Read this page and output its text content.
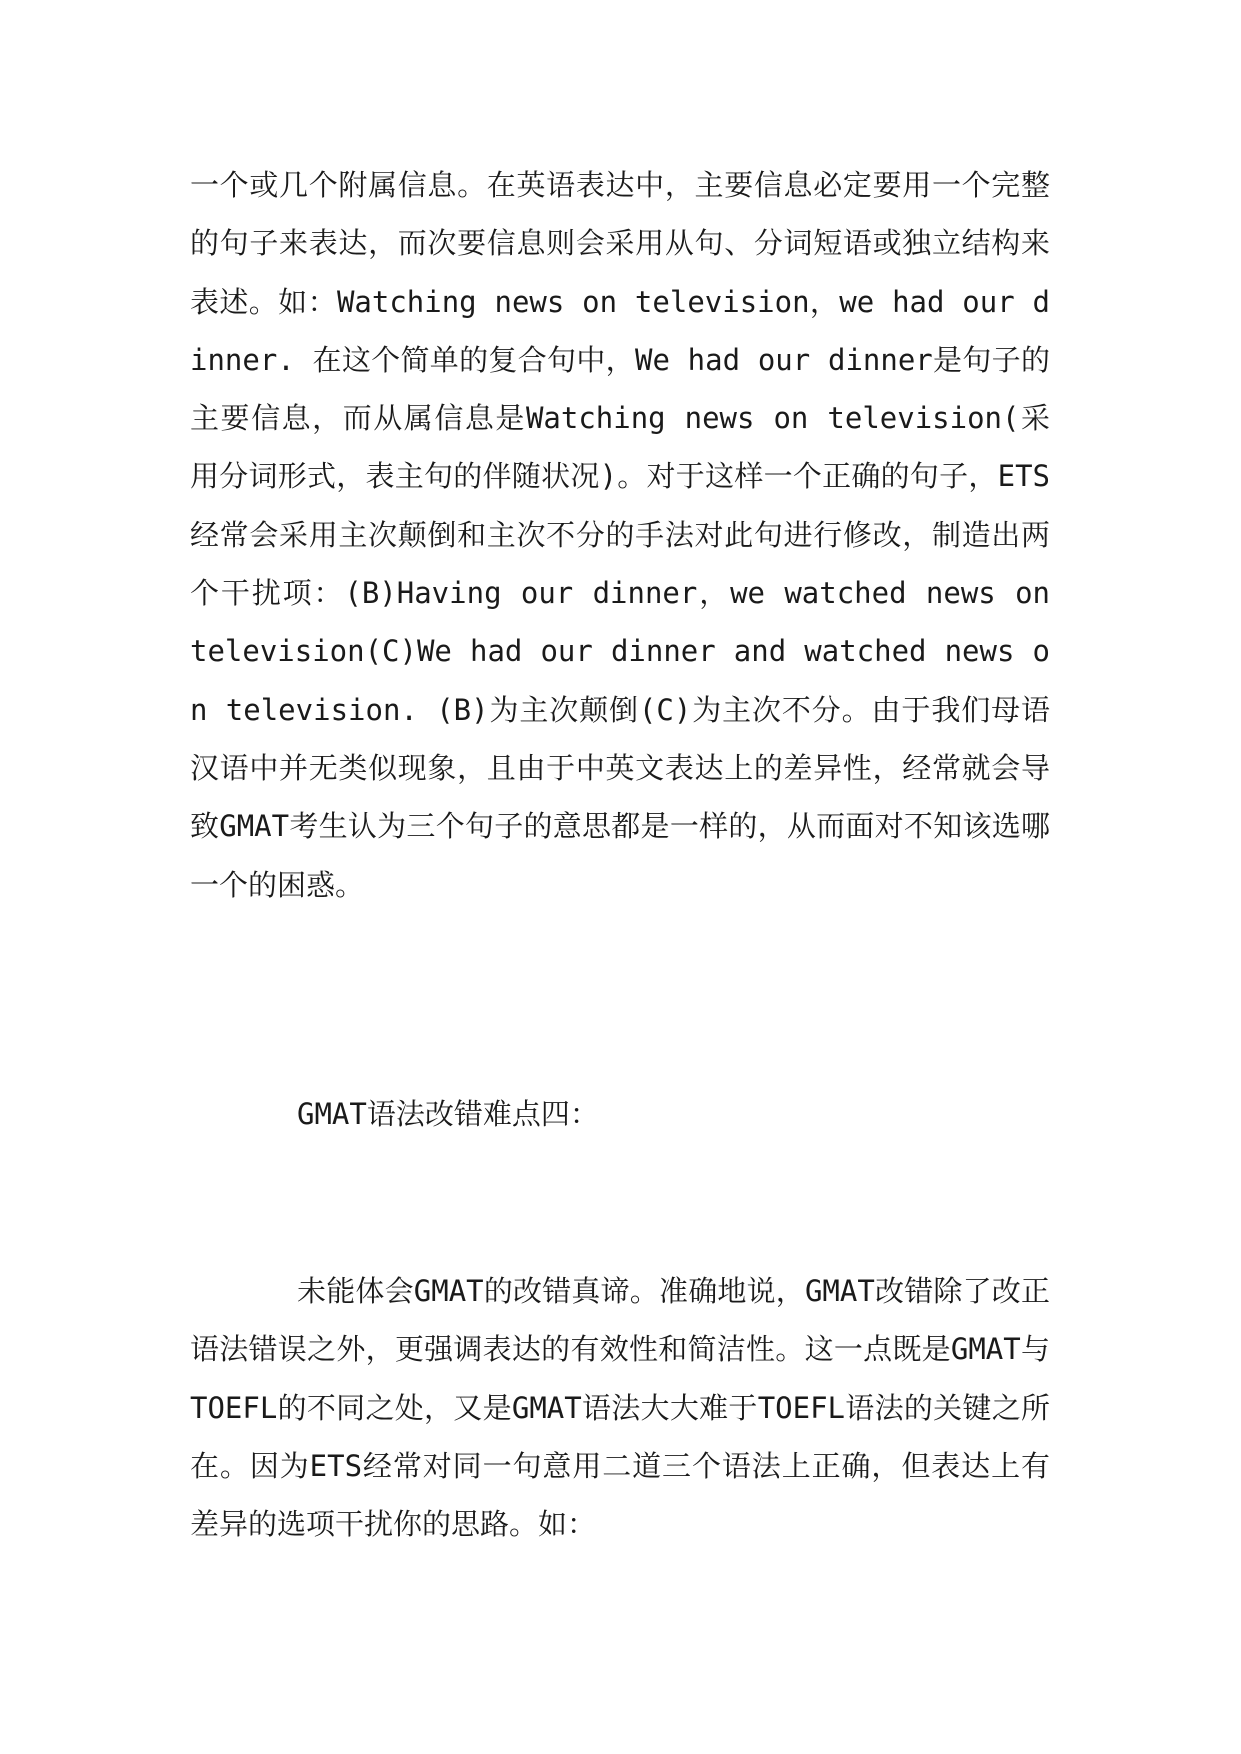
一个或几个附属信息。在英语表达中，主要信息必定要用一个完整的句子来表达，而次要信息则会采用从句、分词短语或独立结构来表述。如：Watching news on television，we had our dinner. 在这个简单的复合句中，We had our dinner是句子的主要信息，而从属信息是Watching news on television(采用分词形式，表主句的伴随状况)。对于这样一个正确的句子，ETS经常会采用主次颠倒和主次不分的手法对此句进行修改，制造出两个干扰项：(B)Having our dinner，we watched news on television(C)We had our dinner and watched news on television. (B)为主次颠倒(C)为主次不分。由于我们母语汉语中并无类似现象，且由于中英文表达上的差异性，经常就会导致GMAT考生认为三个句子的意思都是一样的，从而面对不知该选哪一个的困惑。

GMAT语法改错难点四：

未能体会GMAT的改错真谛。准确地说，GMAT改错除了改正语法错误之外，更强调表达的有效性和简洁性。这一点既是GMAT与TOEFL的不同之处，又是GMAT语法大大难于TOEFL语法的关键之所在。因为ETS经常对同一句意用二道三个语法上正确，但表达上有差异的选项干扰你的思路。如：
